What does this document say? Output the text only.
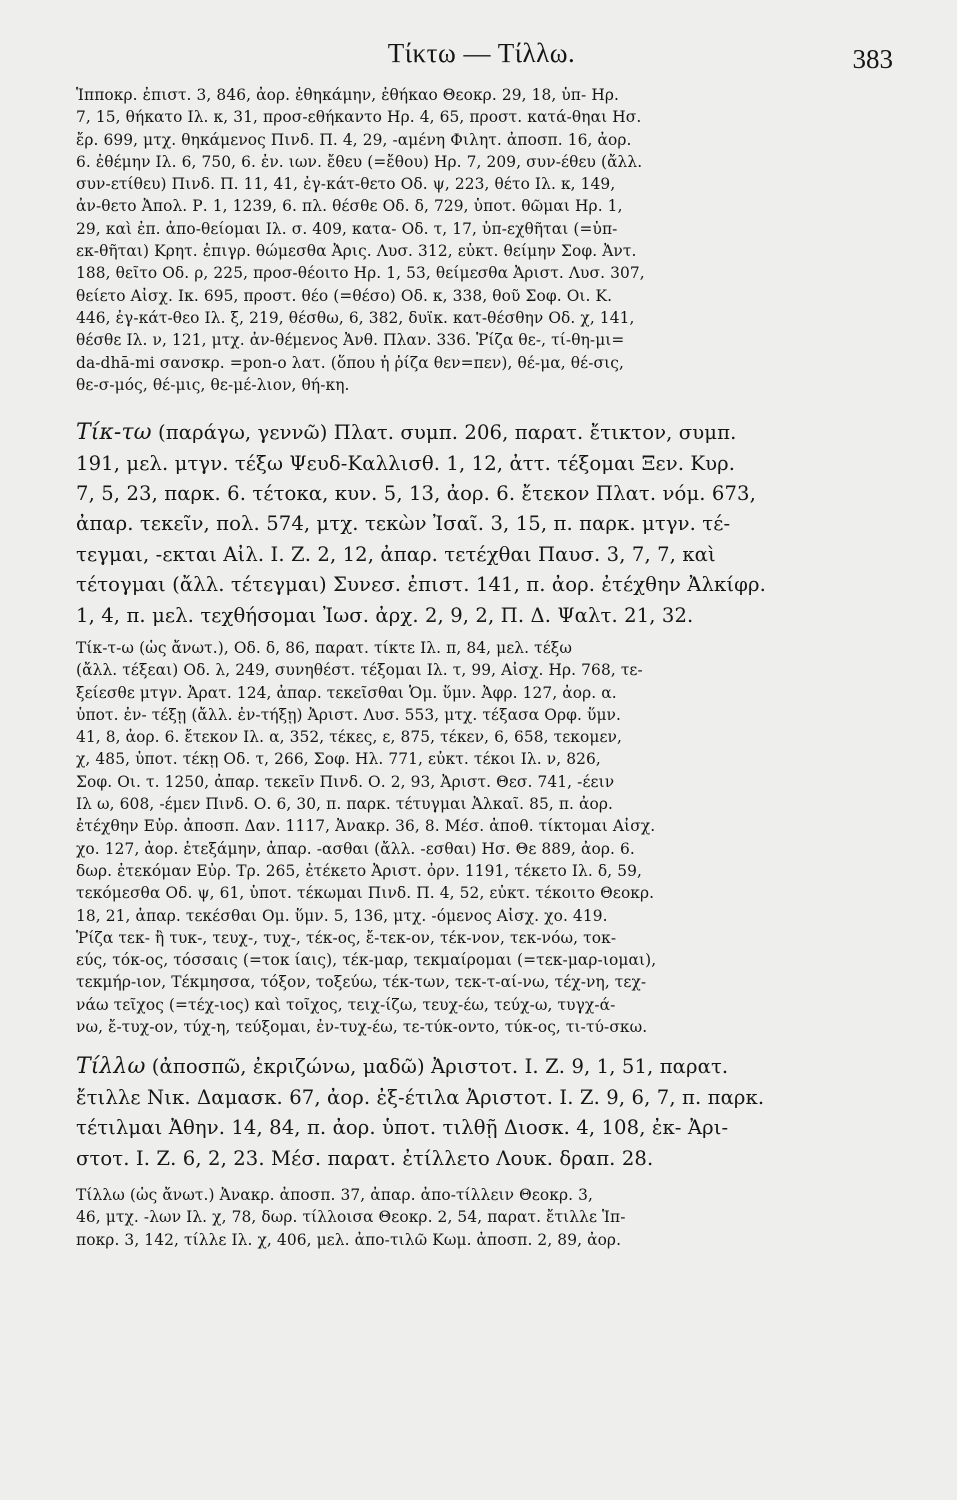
Τίκτω — Τίλλω.	383
Ἱπποκρ. ἐπιστ. 3, 846, ἀορ. ἐθηκάμην, ἐθήκαο Θεοκρ. 29, 18, ὑπ- Ηρ.
7, 15, θήκατο Ιλ. κ, 31, προσ-εθήκαντο Ηρ. 4, 65, προστ. κατά-θηαι Ησ.
ἔρ. 699, μτχ. θηκάμενος Πινδ. Π. 4, 29, -αμένη Φιλητ. ἀποσπ. 16, ἀορ.
6. ἐθέμην Ιλ. 6, 750, 6. ἐν. ιων. ἔθευ (=ἔθου) Ηρ. 7, 209, συν-έθευ (ἄλλ.
συν-ετίθευ) Πινδ. Π. 11, 41, ἐγ-κάτ-θετο Οδ. ψ, 223, θέτο Ιλ. κ, 149,
ἀν-θετο Ἀπολ. Ρ. 1, 1239, 6. πλ. θέσθε Οδ. δ, 729, ὑποτ. θῶμαι Ηρ. 1,
29, καὶ ἐπ. ἀπο-θείομαι Ιλ. σ. 409, κατα- Οδ. τ, 17, ὑπ-εχθῆται (=ὑπ-
εκ-θῆται) Κρητ. ἐπιγρ. θώμεσθα Ἀρις. Λυσ. 312, εὐκτ. θείμην Σοφ. Ἀντ.
188, θεῖτο Οδ. ρ, 225, προσ-θέοιτο Ηρ. 1, 53, θείμεσθα Ἀριστ. Λυσ. 307,
θείετο Αἰσχ. Ικ. 695, προστ. θέο (=θέσο) Οδ. κ, 338, θοῦ Σοφ. Οι. Κ.
446, ἐγ-κάτ-θεο Ιλ. ξ, 219, θέσθω, 6, 382, δυϊκ. κατ-θέσθην Οδ. χ, 141,
θέσθε Ιλ. ν, 121, μτχ. ἀν-θέμενος Ἀνθ. Πλαν. 336. Ῥίζα θε-, τί-θη-μι=
da-dhā-mi σανσκρ. =pon-o λατ. (ὅπου ἡ ῥίζα θεν=πεν), θέ-μα, θέ-σις,
θε-σ-μός, θέ-μις, θε-μέ-λιον, θή-κη.
Τίκ-τω (παράγω, γεννῶ) Πλατ. συμπ. 206, παρατ. ἔτικτον, συμπ.
191, μελ. μτγν. τέξω Ψευδ-Καλλισθ. 1, 12, ἀττ. τέξομαι Ξεν. Κυρ.
7, 5, 23, παρκ. 6. τέτοκα, κυν. 5, 13, ἀορ. 6. ἔτεκον Πλατ. νόμ. 673,
ἀπαρ. τεκεῖν, πολ. 574, μτχ. τεκὼν Ἰσαῖ. 3, 15, π. παρκ. μτγν. τέ-
τεγμαι, -εκται Αἰλ. Ι. Ζ. 2, 12, ἀπαρ. τετέχθαι Παυσ. 3, 7, 7, καὶ
τέτογμαι (ἄλλ. τέτεγμαι) Συνεσ. ἐπιστ. 141, π. ἀορ. ἐτέχθην Ἀλκίφρ.
1, 4, π. μελ. τεχθήσομαι Ἰωσ. ἀρχ. 2, 9, 2, Π. Δ. Ψαλτ. 21, 32.
Τίκ-τ-ω (ὡς ἄνωτ.), Οδ. δ, 86, παρατ. τίκτε Ιλ. π, 84, μελ. τέξω
(ἄλλ. τέξεαι) Οδ. λ, 249, συνηθέστ. τέξομαι Ιλ. τ, 99, Αἰσχ. Ηρ. 768, τε-
ξείεσθε μτγν. Ἀρατ. 124, ἀπαρ. τεκεῖσθαι Ὁμ. ὕμν. Ἀφρ. 127, ἀορ. α.
ὑποτ. ἐν- τέξῃ (ἄλλ. ἐν-τήξῃ) Ἀριστ. Λυσ. 553, μτχ. τέξασα Ορφ. ὕμν.
41, 8, ἀορ. 6. ἔτεκον Ιλ. α, 352, τέκες, ε, 875, τέκεν, 6, 658, τεκομεν,
χ, 485, ὑποτ. τέκῃ Οδ. τ, 266, Σοφ. Ηλ. 771, εὐκτ. τέκοι Ιλ. ν, 826,
Σοφ. Οι. τ. 1250, ἀπαρ. τεκεῖν Πινδ. Ο. 2, 93, Ἀριστ. Θεσ. 741, -έειν
Ιλ ω, 608, -έμεν Πινδ. Ο. 6, 30, π. παρκ. τέτυγμαι Ἀλκαῖ. 85, π. ἀορ.
ἐτέχθην Εὐρ. ἀποσπ. Δαν. 1117, Ἀνακρ. 36, 8. Μέσ. ἀποθ. τίκτομαι Αἰσχ.
χο. 127, ἀορ. ἐτεξάμην, ἀπαρ. -ασθαι (ἄλλ. -εσθαι) Ησ. Θε 889, ἀορ. 6.
δωρ. ἐτεκόμαν Εὐρ. Τρ. 265, ἐτέκετο Ἀριστ. ὀρν. 1191, τέκετο Ιλ. δ, 59,
τεκόμεσθα Οδ. ψ, 61, ὑποτ. τέκωμαι Πινδ. Π. 4, 52, εὐκτ. τέκοιτο Θεοκρ.
18, 21, ἀπαρ. τεκέσθαι Ομ. ὕμν. 5, 136, μτχ. -όμενος Αἰσχ. χο. 419.
Ῥίζα τεκ- ἢ τυκ-, τευχ-, τυχ-, τέκ-ος, ἔ-τεκ-ον, τέκ-νον, τεκ-νόω, τοκ-
εύς, τόκ-ος, τόσσαις (=τοκ ίαις), τέκ-μαρ, τεκμαίρομαι (=τεκ-μαρ-ιομαι),
τεκμήρ-ιον, Τέκμησσα, τόξον, τοξεύω, τέκ-των, τεκ-τ-αί-νω, τέχ-νη, τεχ-
νάω τεῖχος (=τέχ-ιος) καὶ τοῖχος, τειχ-ίζω, τευχ-έω, τεύχ-ω, τυγχ-ά-
νω, ἔ-τυχ-ον, τύχ-η, τεύξομαι, ἐν-τυχ-έω, τε-τύκ-οντο, τύκ-ος, τι-τύ-σκω.
Τίλλω (ἀποσπῶ, ἐκριζώνω, μαδῶ) Ἀριστοτ. Ι. Ζ. 9, 1, 51, παρατ.
ἔτιλλε Νικ. Δαμασκ. 67, ἀορ. ἐξ-έτιλα Ἀριστοτ. Ι. Ζ. 9, 6, 7, π. παρκ.
τέτιλμαι Ἀθην. 14, 84, π. ἀορ. ὑποτ. τιλθῇ Διοσκ. 4, 108, ἐκ- Ἀρι-
στοτ. Ι. Ζ. 6, 2, 23. Μέσ. παρατ. ἐτίλλετο Λουκ. δραπ. 28.
Τίλλω (ὡς ἄνωτ.) Ἀνακρ. ἀποσπ. 37, ἀπαρ. ἀπο-τίλλειν Θεοκρ. 3,
46, μτχ. -λων Ιλ. χ, 78, δωρ. τίλλοισα Θεοκρ. 2, 54, παρατ. ἔτιλλε Ἱπ-
ποκρ. 3, 142, τίλλε Ιλ. χ, 406, μελ. ἀπο-τιλῶ Κωμ. ἀποσπ. 2, 89, ἀορ.
